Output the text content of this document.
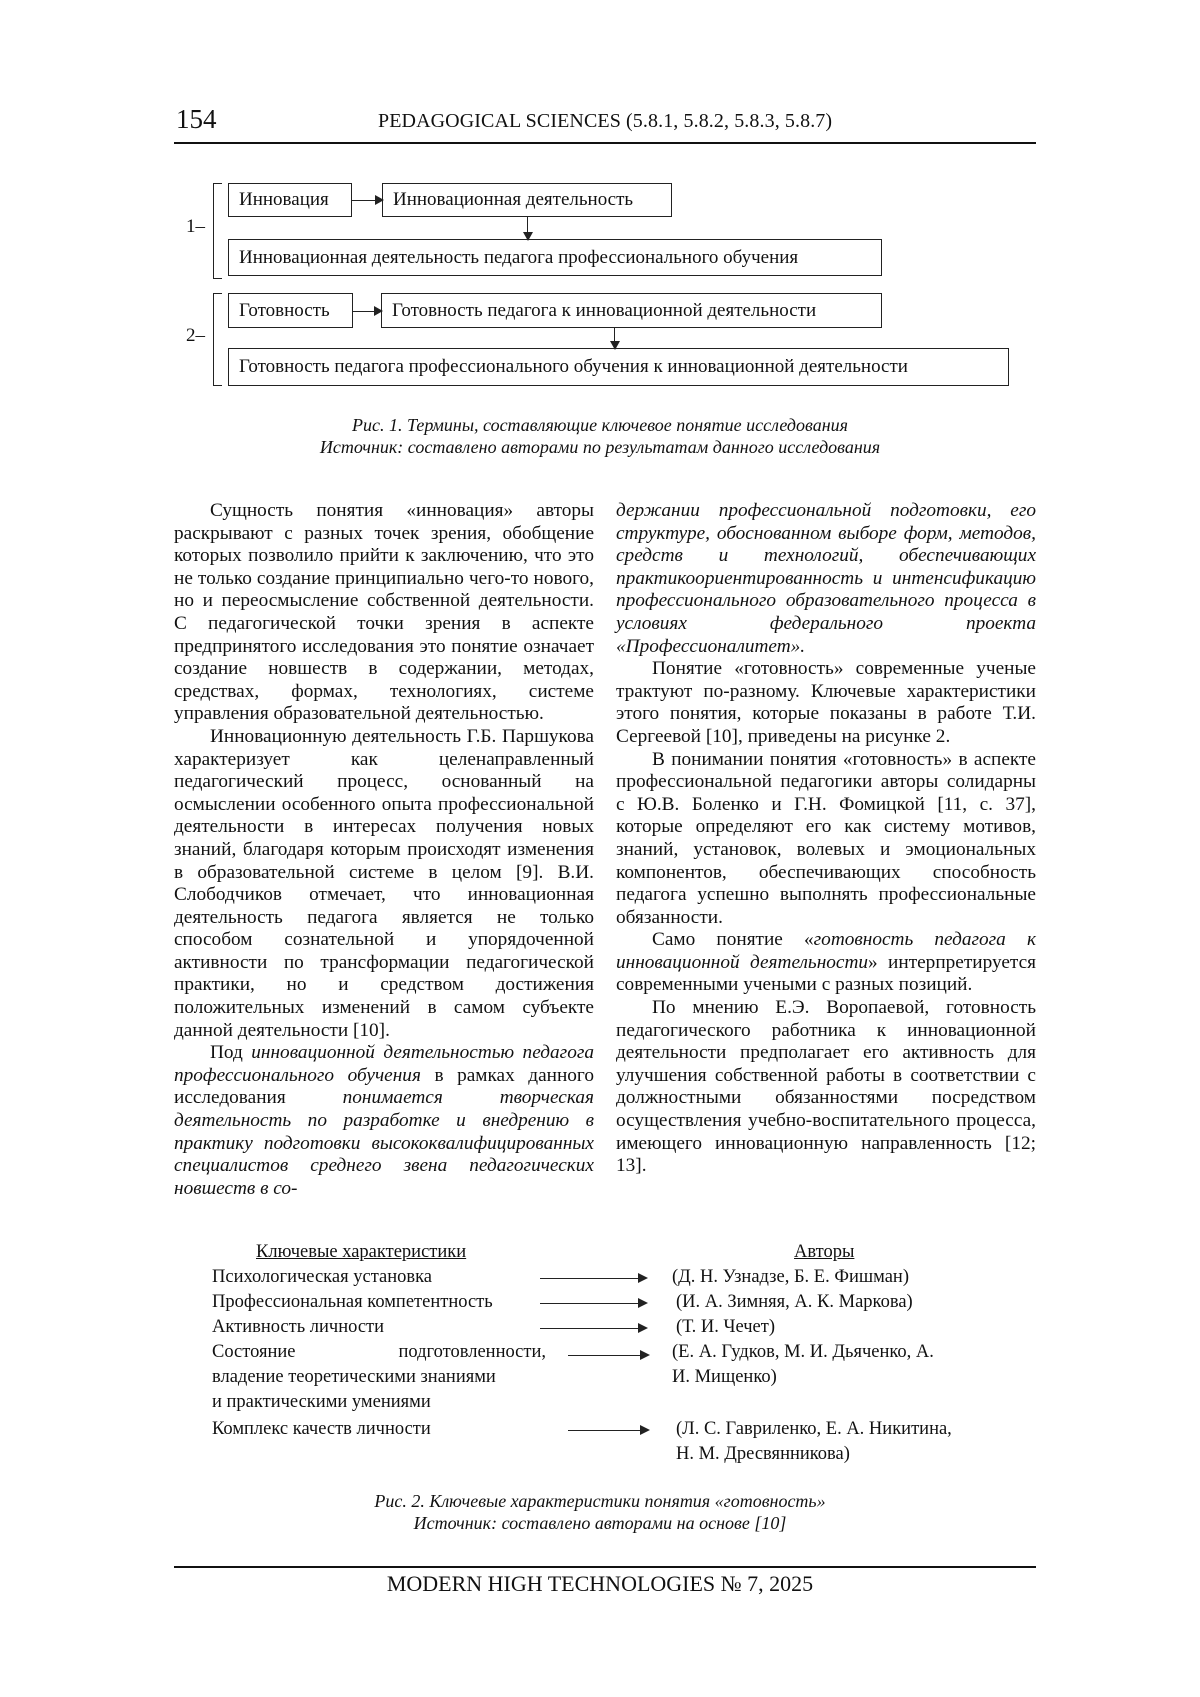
154	PEDAGOGICAL SCIENCES (5.8.1, 5.8.2, 5.8.3, 5.8.7)
1–
Инновация	Инновационная деятельность
Инновационная деятельность педагога профессионального обучения
2–
Готовность	Готовность педагога к инновационной деятельности
Готовность педагога профессионального обучения к инновационной деятельности
Рис. 1. Термины, составляющие ключевое понятие исследования
Источник: составлено авторами по результатам данного исследования

Сущность понятия «инновация» авторы раскрывают с разных точек зрения, обобщение которых позволило прийти к заключению, что это не только создание принципиально чего-то нового, но и переосмысление собственной деятельности. С педагогической точки зрения в аспекте предпринятого исследования это понятие означает создание новшеств в содержании, методах, средствах, формах, технологиях, системе управления образовательной деятельностью.

Инновационную деятельность Г.Б. Паршукова характеризует как целенаправленный педагогический процесс, основанный на осмыслении особенного опыта профессиональной деятельности в интересах получения новых знаний, благодаря которым происходят изменения в образовательной системе в целом [9]. В.И. Слободчиков отмечает, что инновационная деятельность педагога является не только способом сознательной и упорядоченной активности по трансформации педагогической практики, но и средством достижения положительных изменений в самом субъекте данной деятельности [10].

Под инновационной деятельностью педагога профессионального обучения в рамках данного исследования понимается творческая деятельность по разработке и внедрению в практику подготовки высококвалифицированных специалистов среднего звена педагогических новшеств в со-

держании профессиональной подготовки, его структуре, обоснованном выборе форм, методов, средств и технологий, обеспечивающих практикоориентированность и интенсификацию профессионального образовательного процесса в условиях федерального проекта «Профессионалитет».

Понятие «готовность» современные ученые трактуют по-разному. Ключевые характеристики этого понятия, которые показаны в работе Т.И. Сергеевой [10], приведены на рисунке 2.

В понимании понятия «готовность» в аспекте профессиональной педагогики авторы солидарны с Ю.В. Боленко и Г.Н. Фомицкой [11, с. 37], которые определяют его как систему мотивов, знаний, установок, волевых и эмоциональных компонентов, обеспечивающих способность педагога успешно выполнять профессиональные обязанности.

Само понятие «готовность педагога к инновационной деятельности» интерпретируется современными учеными с разных позиций.

По мнению Е.Э. Воропаевой, готовность педагогического работника к инновационной деятельности предполагает его активность для улучшения собственной работы в соответствии с должностными обязанностями посредством осуществления учебно-воспитательного процесса, имеющего инновационную направленность [12; 13].

Ключевые характеристики	Авторы
Психологическая установка	(Д. Н. Узнадзе, Б. Е. Фишман)
Профессиональная компетентность	(И. А. Зимняя, А. К. Маркова)
Активность личности	(Т. И. Чечет)
Состояние подготовленности,	(Е. А. Гудков, М. И. Дьяченко, А.
владение теоретическими знаниями	И. Мищенко)
и практическими умениями
Комплекс качеств личности	(Л. С. Гавриленко, Е. А. Никитина,
Н. М. Дресвянникова)
Рис. 2. Ключевые характеристики понятия «готовность»
Источник: составлено авторами на основе [10]
MODERN HIGH TECHNOLOGIES № 7, 2025
